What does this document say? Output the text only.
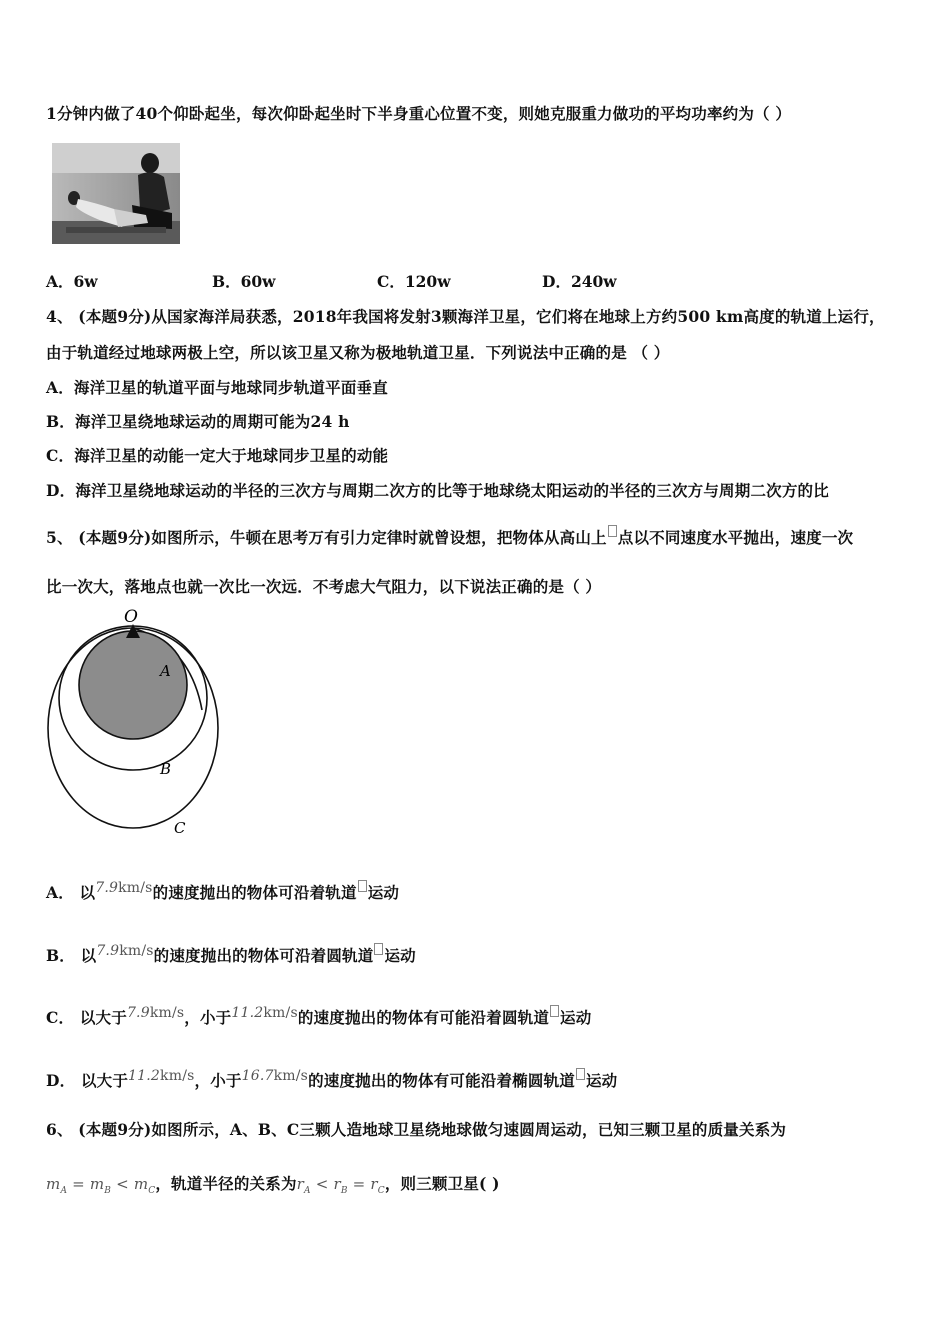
1分钟内做了40个仰卧起坐，每次仰卧起坐时下半身重心位置不变，则她克服重力做功的平均功率约为（ ）
A．6w	B．60w	C．120w	D．240w
4、 (本题9分)从国家海洋局获悉，2018年我国将发射3颗海洋卫星，它们将在地球上方约500 km高度的轨道上运行，
由于轨道经过地球两极上空，所以该卫星又称为极地轨道卫星．下列说法中正确的是 （ ）
A．海洋卫星的轨道平面与地球同步轨道平面垂直
B．海洋卫星绕地球运动的周期可能为24 h
C．海洋卫星的动能一定大于地球同步卫星的动能
D．海洋卫星绕地球运动的半径的三次方与周期二次方的比等于地球绕太阳运动的半径的三次方与周期二次方的比
5、 (本题9分)如图所示，牛顿在思考万有引力定律时就曾设想，把物体从高山上 点以不同速度水平抛出，速度一次
比一次大，落地点也就一次比一次远．不考虑大气阻力，以下说法正确的是（ ）
O
A
B
C
A． 以7.9km/s的速度抛出的物体可沿着轨道 运动
B． 以7.9km/s的速度抛出的物体可沿着圆轨道 运动
C． 以大于7.9km/s，小于11.2km/s的速度抛出的物体有可能沿着圆轨道 运动
D． 以大于11.2km/s，小于16.7km/s的速度抛出的物体有可能沿着椭圆轨道 运动
6、 (本题9分)如图所示，A、B、C三颗人造地球卫星绕地球做匀速圆周运动，已知三颗卫星的质量关系为
$m_A = m_B < m_C$，轨道半径的关系为$r_A < r_B = r_C$，则三颗卫星( )
